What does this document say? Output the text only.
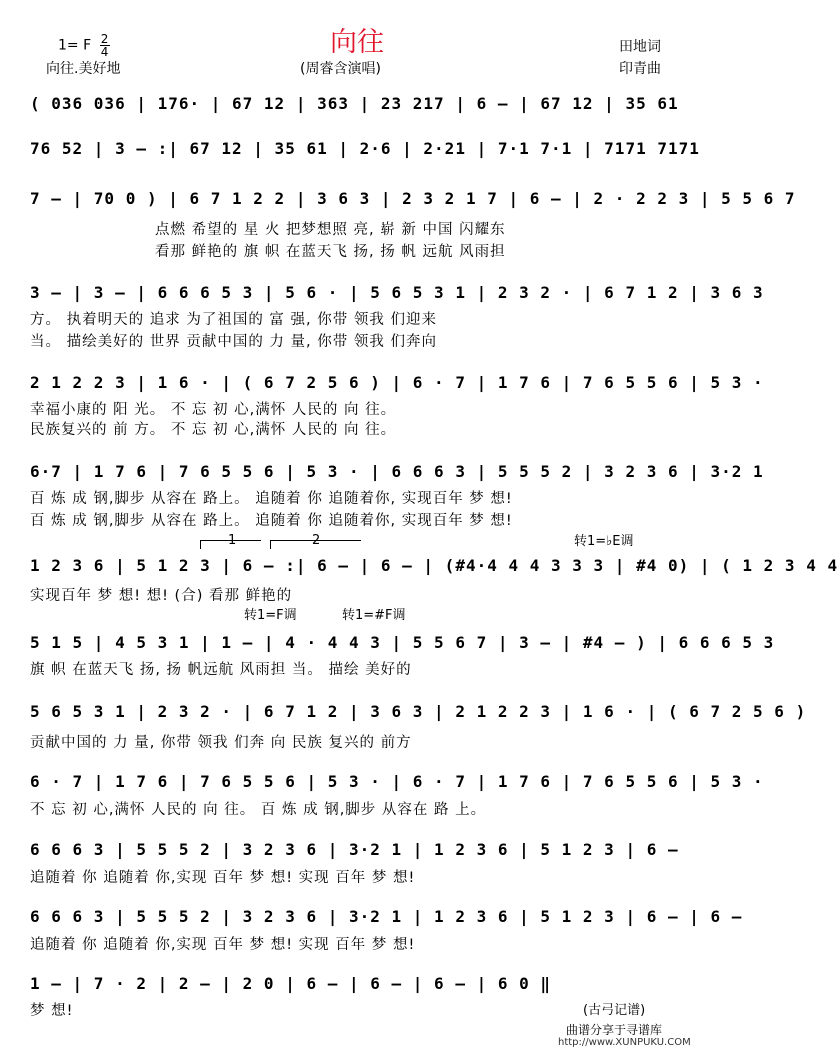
向往
1= F $\frac{2}{4}$
向往.美好地	(周睿含演唱)
田地词
印青曲
( 036 036 | 176· | 67 12 | 363 | 23 217 | 6 – | 67 12 | 35 61
76 52 | 3 – :| 67 12 | 35 61 | 2·6 | 2·21 | 7·1 7·1 | 7171 7171
7 – | 70 0 ) | 6 7 1 2 2 | 3 6 3 | 2 3 2 1 7 | 6 – | 2 · 2 2 3 | 5 5 6 7
点燃 希望的 星 火 把梦想照 亮, 崭 新 中国 闪耀东
看那 鲜艳的 旗 帜 在蓝天飞 扬, 扬 帆 远航 风雨担
3 – | 3 – | 6 6 6 5 3 | 5 6 · | 5 6 5 3 1 | 2 3 2 · | 6 7 1 2 | 3 6 3
方。 执着明天的 追求 为了祖国的 富 强, 你带 领我 们迎来
当。 描绘美好的 世界 贡献中国的 力 量, 你带 领我 们奔向
2 1 2 2 3 | 1 6 · | ( 6 7 2 5 6 ) | 6 · 7 | 1 7 6 | 7 6 5 5 6 | 5 3 ·
幸福小康的 阳 光。 不 忘 初 心,满怀 人民的 向 往。
民族复兴的 前 方。 不 忘 初 心,满怀 人民的 向 往。
6·7 | 1 7 6 | 7 6 5 5 6 | 5 3 · | 6 6 6 3 | 5 5 5 2 | 3 2 3 6 | 3·2 1
百 炼 成 钢,脚步 从容在 路上。 追随着 你 追随着你, 实现百年 梦 想!
百 炼 成 钢,脚步 从容在 路上。 追随着 你 追随着你, 实现百年 梦 想!
1	2	转1=♭E调
1 2 3 6 | 5 1 2 3 | 6 – :| 6 – | 6 – | (#4·4 4 4 3 3 3 | #4 0) | ( 1 2 3 4 4
实现百年 梦 想! 想! (合) 看那 鲜艳的
转1=F调	转1=#F调
5 1 5 | 4 5 3 1 | 1 – | 4 · 4 4 3 | 5 5 6 7 | 3 – | #4 – ) | 6 6 6 5 3
旗 帜 在蓝天飞 扬, 扬 帆远航 风雨担 当。 描绘 美好的
5 6 5 3 1 | 2 3 2 · | 6 7 1 2 | 3 6 3 | 2 1 2 2 3 | 1 6 · | ( 6 7 2 5 6 )
贡献中国的 力 量, 你带 领我 们奔 向 民族 复兴的 前方
6 · 7 | 1 7 6 | 7 6 5 5 6 | 5 3 · | 6 · 7 | 1 7 6 | 7 6 5 5 6 | 5 3 ·
不 忘 初 心,满怀 人民的 向 往。 百 炼 成 钢,脚步 从容在 路 上。
6 6 6 3 | 5 5 5 2 | 3 2 3 6 | 3·2 1 | 1 2 3 6 | 5 1 2 3 | 6 –
追随着 你 追随着 你,实现 百年 梦 想! 实现 百年 梦 想!
6 6 6 3 | 5 5 5 2 | 3 2 3 6 | 3·2 1 | 1 2 3 6 | 5 1 2 3 | 6 – | 6 –
追随着 你 追随着 你,实现 百年 梦 想! 实现 百年 梦 想!
1 – | 7 · 2 | 2 – | 2 0 | 6 – | 6 – | 6 – | 6 0 ‖
梦 想!	(古弓记谱)
曲谱分享于寻谱库
http://www.XUNPUKU.COM
